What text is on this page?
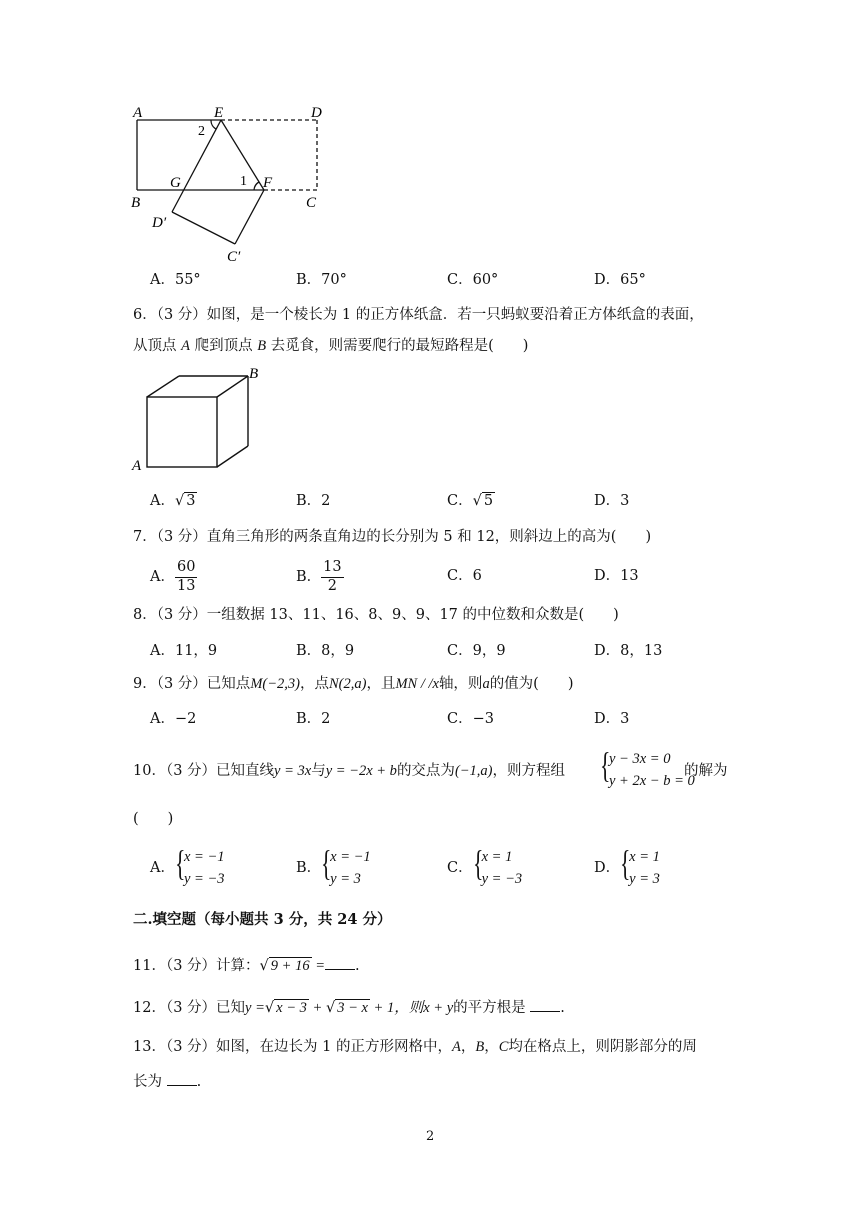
A	E	D
2
G	1 F
B	C
D′
C′
A．55°	B．70°	C．60°	D．65°
6．（3 分）如图，是一个棱长为 1 的正方体纸盒．若一只蚂蚁要沿着正方体纸盒的表面，
从顶点 A 爬到顶点 B 去觅食，则需要爬行的最短路程是(　　)
A
B
A．√ 3	B．2	C．√ 5	D．3
7．（3 分）直角三角形的两条直角边的长分别为 5 和 12，则斜边上的高为(　　)
A． $\frac{60}{13}$	B． $\frac{13}{2}$	C．6	D．13
8．（3 分）一组数据 13、11、16、8、9、9、17 的中位数和众数是(　　)
A．11，9	B．8，9	C．9，9	D．8，13
9．（3 分）已知点M(−2,3)，点N(2,a)，且MN / /x轴，则a的值为(　　)
A．−2	B．2	C．−3	D．3
10．（3 分）已知直线y = 3x与y = −2x + b的交点为(−1,a)，则方程组 {
y − 3x = 0
y + 2x − b = 0
的解为
(　　)
A． {
x = −1
y = −3
B． {
x = −1
y = 3
C． {
x = 1
y = −3
D． {
x = 1
y = 3
二.填空题（每小题共 3 分，共 24 分）
11．（3 分）计算：√ 9 + 16 = .
12．（3 分）已知y =√ x − 3 + √ 3 − x + 1，则x + y的平方根是 .
13．（3 分）如图，在边长为 1 的正方形网格中，A，B，C均在格点上，则阴影部分的周
长为 .
2
